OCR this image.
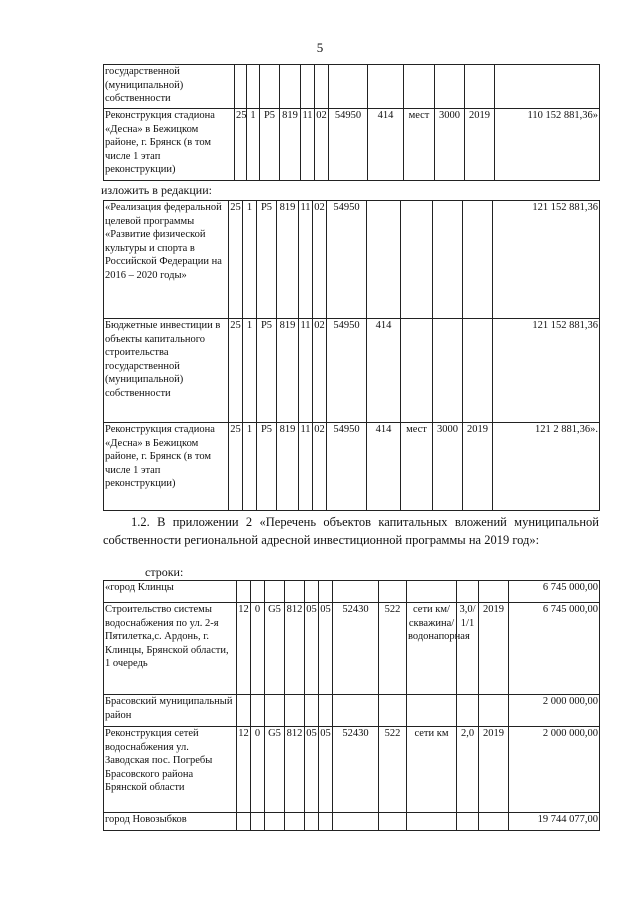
5
государственной (муниципальной) собственности												
Реконструкция стадиона «Десна» в Бежицком районе, г. Брянск (в том числе 1 этап реконструкции)	25	1	P5	819	11	02	54950	414	мест	3000	2019	110 152 881,36»
изложить в редакции:
«Реализация федеральной целевой программы «Развитие физической культуры и спорта в Российской Федерации на 2016 – 2020 годы»	25	1	P5	819	11	02	54950					121 152 881,36
Бюджетные инвестиции в объекты капитального строительства государственной (муниципальной) собственности	25	1	P5	819	11	02	54950	414				121 152 881,36
Реконструкция стадиона «Десна» в Бежицком районе, г. Брянск (в том числе 1 этап реконструкции)	25	1	P5	819	11	02	54950	414	мест	3000	2019	121 2 881,36».
1.2. В приложении 2 «Перечень объектов капитальных вложений муниципальной собственности региональной адресной инвестиционной программы на 2019 год»:
строки:
«город Клинцы												6 745 000,00
Строительство системы водоснабжения по ул. 2-я Пятилетка,с. Ардонь, г. Клинцы, Брянской области, 1 очередь	12	0	G5	812	05	05	52430	522	сети км/скважина/ водонапорная	3,0/ 1/1	2019	6 745 000,00
Брасовский муниципальный район												2 000 000,00
Реконструкция сетей водоснабжения ул. Заводская пос. Погребы Брасовского района Брянской области	12	0	G5	812	05	05	52430	522	сети км	2,0	2019	2 000 000,00
город Новозыбков												19 744 077,00
